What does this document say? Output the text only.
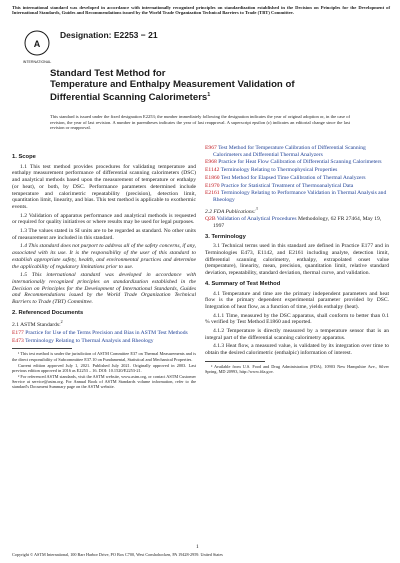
This international standard was developed in accordance with internationally recognized principles on standardization established in the Decision on Principles for the Development of International Standards, Guides and Recommendations issued by the World Trade Organization Technical Barriers to Trade (TBT) Committee.
A
INTERNATIONAL
Designation: E2253 − 21
Standard Test Method for
Temperature and Enthalpy Measurement Validation of
Differential Scanning Calorimeters$^1$
This standard is issued under the fixed designation E2253; the number immediately following the designation indicates the year of original adoption or, in the case of revision, the year of last revision. A number in parentheses indicates the year of last reapproval. A superscript epsilon (ε) indicates an editorial change since the last revision or reapproval.
1. Scope

1.1 This test method provides procedures for validating temperature and enthalpy measurement performance of differential scanning calorimeters (DSC) and analytical methods based upon the measurement of temperature or enthalpy (or heat), or both, by DSC. Performance parameters determined include temperature and calorimetric repeatability (precision), detection limit, quantitation limit, linearity, and bias. This test method is applicable to exothermic events.

1.2 Validation of apparatus performance and analytical methods is requested or required for quality initiatives or where results may be used for legal purposes.

1.3 The values stated in SI units are to be regarded as standard. No other units of measurement are included in this standard.

1.4 This standard does not purport to address all of the safety concerns, if any, associated with its use. It is the responsibility of the user of this standard to establish appropriate safety, health, and environmental practices and determine the applicability of regulatory limitations prior to use.

1.5 This international standard was developed in accordance with internationally recognized principles on standardization established in the Decision on Principles for the Development of International Standards, Guides and Recommendations issued by the World Trade Organization Technical Barriers to Trade (TBT) Committee.

2. Referenced Documents
2.1 ASTM Standards:$^2$
E177 Practice for Use of the Terms Precision and Bias in ASTM Test Methods
E473 Terminology Relating to Thermal Analysis and Rheology

¹ This test method is under the jurisdiction of ASTM Committee E37 on Thermal Measurements and is the direct responsibility of Subcommittee E37.10 on Fundamental, Statistical and Mechanical Properties.

Current edition approved July 1, 2021. Published July 2021. Originally approved in 2003. Last previous edition approved in 2016 as E2253 – 16. DOI: 10.1520/E2253-21.

² For referenced ASTM standards, visit the ASTM website, www.astm.org, or contact ASTM Customer Service at service@astm.org. For Annual Book of ASTM Standards volume information, refer to the standard's Document Summary page on the ASTM website.

E967 Test Method for Temperature Calibration of Differential Scanning Calorimeters and Differential Thermal Analyzers
E968 Practice for Heat Flow Calibration of Differential Scanning Calorimeters
E1142 Terminology Relating to Thermophysical Properties
E1860 Test Method for Elapsed Time Calibration of Thermal Analyzers
E1970 Practice for Statistical Treatment of Thermoanalytical Data
E2161 Terminology Relating to Performance Validation in Thermal Analysis and Rheology
2.2 FDA Publications:$^3$
Q2B Validation of Analytical Procedures Methodology, 62 FR 27464, May 19, 1997
3. Terminology

3.1 Technical terms used in this standard are defined in Practice E177 and in Terminologies E473, E1142, and E2161 including analyte, detection limit, differential scanning calorimetry, enthalpy, extrapolated onset value (temperature), linearity, mean, precision, quantitation limit, relative standard deviation, repeatability, standard deviation, thermal curve, and validation.

4. Summary of Test Method

4.1 Temperature and time are the primary independent parameters and heat flow is the primary dependent experimental parameter provided by DSC. Integration of heat flow, as a function of time, yields enthalpy (heat).

4.1.1 Time, measured by the DSC apparatus, shall conform to better than 0.1 % verified by Test Method E1860 and reported.

4.1.2 Temperature is directly measured by a temperature sensor that is an integral part of the differential scanning calorimetry apparatus.

4.1.3 Heat flow, a measured value, is validated by its integration over time to obtain the desired calorimetric (enthalpic) information of interest.

³ Available from U.S. Food and Drug Administration (FDA), 10903 New Hampshire Ave., Silver Spring, MD 20993, http://www.fda.gov.

1
Copyright © ASTM International, 100 Barr Harbor Drive, PO Box C700, West Conshohocken, PA 19428-2959. United States
